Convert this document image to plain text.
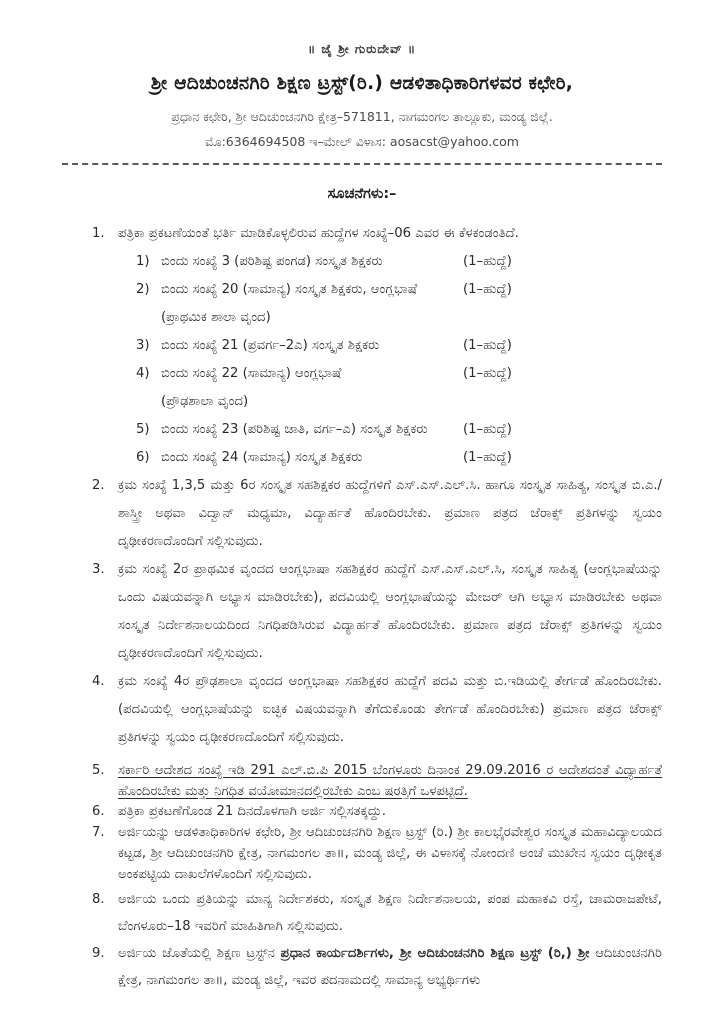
॥ ಜೈ ಶ್ರೀ ಗುರುದೇವ್ ॥
ಶ್ರೀ ಆದಿಚುಂಚನಗಿರಿ ಶಿಕ್ಷಣ ಟ್ರಸ್ಟ್(ರಿ.) ಆಡಳಿತಾಧಿಕಾರಿಗಳವರ ಕಛೇರಿ,
ಪ್ರಧಾನ ಕಛೇರಿ, ಶ್ರೀ ಆದಿಚುಂಚನಗಿರಿ ಕ್ಷೇತ್ರ–571811, ನಾಗಮಂಗಲ ತಾಲ್ಲೂಕು, ಮಂಡ್ಯ ಜಿಲ್ಲೆ.
ಮೊ:6364694508 ಇ–ಮೇಲ್ ವಿಳಾಸ: aosacst@yahoo.com
ಸೂಚನೆಗಳು:–
1.	ಪತ್ರಿಕಾ ಪ್ರಕಟಣೆಯಂತೆ ಭರ್ತಿ ಮಾಡಿಕೊಳ್ಳಲಿರುವ ಹುದ್ದೆಗಳ ಸಂಖ್ಯೆ–06 ಎವರ ಈ ಕೆಳಕಂಡಂತಿದೆ.
1) ಬಿಂದು ಸಂಖ್ಯೆ 3 (ಪರಿಶಿಷ್ಟ ಪಂಗಡ) ಸಂಸ್ಕೃತ ಶಿಕ್ಷಕರು	(1–ಹುದ್ದೆ)
2) ಬಿಂದು ಸಂಖ್ಯೆ 20 (ಸಾಮಾನ್ಯ) ಸಂಸ್ಕೃತ ಶಿಕ್ಷಕರು, ಆಂಗ್ಲಭಾಷೆ	(1–ಹುದ್ದೆ)
(ಪ್ರಾಥಮಿಕ ಶಾಲಾ ವೃಂದ)
3) ಬಿಂದು ಸಂಖ್ಯೆ 21 (ಪ್ರವರ್ಗ–2ಎ) ಸಂಸ್ಕೃತ ಶಿಕ್ಷಕರು	(1–ಹುದ್ದೆ)
4) ಬಿಂದು ಸಂಖ್ಯೆ 22 (ಸಾಮಾನ್ಯ) ಆಂಗ್ಲಭಾಷೆ	(1–ಹುದ್ದೆ)
(ಪ್ರೌಢಶಾಲಾ ವೃಂದ)
5) ಬಿಂದು ಸಂಖ್ಯೆ 23 (ಪರಿಶಿಷ್ಟ ಜಾತಿ, ವರ್ಗ–ಎ) ಸಂಸ್ಕೃತ ಶಿಕ್ಷಕರು	(1–ಹುದ್ದೆ)
6) ಬಿಂದು ಸಂಖ್ಯೆ 24 (ಸಾಮಾನ್ಯ) ಸಂಸ್ಕೃತ ಶಿಕ್ಷಕರು	(1–ಹುದ್ದೆ)
2.	ಕ್ರಮ ಸಂಖ್ಯೆ 1,3,5 ಮತ್ತು 6ರ ಸಂಸ್ಕೃತ ಸಹಶಿಕ್ಷಕರ ಹುದ್ದೆಗಳಿಗೆ ಎಸ್.ಎಸ್.ಎಲ್.ಸಿ. ಹಾಗೂ ಸಂಸ್ಕೃತ ಸಾಹಿತ್ಯ, ಸಂಸ್ಕೃತ ಬಿ.ಎ./ಶಾಸ್ತ್ರೀ ಅಥವಾ ವಿದ್ವಾನ್ ಮಧ್ಯಮಾ, ವಿದ್ಯಾರ್ಹತೆ ಹೊಂದಿರಬೇಕು. ಪ್ರಮಾಣ ಪತ್ರದ ಜೆರಾಕ್ಸ್ ಪ್ರತಿಗಳನ್ನು ಸ್ವಯಂ ದೃಢೀಕರಣದೊಂದಿಗೆ ಸಲ್ಲಿಸುವುದು.
3.	ಕ್ರಮ ಸಂಖ್ಯೆ 2ರ ಪ್ರಾಥಮಿಕ ವೃಂದದ ಆಂಗ್ಲಭಾಷಾ ಸಹಶಿಕ್ಷಕರ ಹುದ್ದೆಗೆ ಎಸ್.ಎಸ್.ಎಲ್.ಸಿ, ಸಂಸ್ಕೃತ ಸಾಹಿತ್ಯ (ಆಂಗ್ಲಭಾಷೆಯನ್ನು ಒಂದು ವಿಷಯವನ್ನಾಗಿ ಅಭ್ಯಾಸ ಮಾಡಿರಬೇಕು), ಪದವಿಯಲ್ಲಿ ಆಂಗ್ಲಭಾಷೆಯನ್ನು ಮೇಜರ್ ಆಗಿ ಅಭ್ಯಾಸ ಮಾಡಿರಬೇಕು ಅಥವಾ ಸಂಸ್ಕೃತ ನಿರ್ದೇಶನಾಲಯದಿಂದ ನಿಗಧಿಪಡಿಸಿರುವ ವಿದ್ಯಾರ್ಹತೆ ಹೊಂದಿರಬೇಕು. ಪ್ರಮಾಣ ಪತ್ರದ ಜೆರಾಕ್ಸ್ ಪ್ರತಿಗಳನ್ನು ಸ್ವಯಂ ದೃಢೀಕರಣದೊಂದಿಗೆ ಸಲ್ಲಿಸುವುದು.
4.	ಕ್ರಮ ಸಂಖ್ಯೆ 4ರ ಪ್ರೌಢಶಾಲಾ ವೃಂದದ ಆಂಗ್ಲಭಾಷಾ ಸಹಶಿಕ್ಷಕರ ಹುದ್ದೆಗೆ ಪದವಿ ಮತ್ತು ಬಿ.ಇಡಿಯಲ್ಲಿ ತೇರ್ಗಡೆ ಹೊಂದಿರಬೇಕು. (ಪದವಿಯಲ್ಲಿ ಆಂಗ್ಲಭಾಷೆಯನ್ನು ಐಚ್ಛಿಕ ವಿಷಯವನ್ನಾಗಿ ತೆಗೆದುಕೊಂಡು ತೇರ್ಗಡೆ ಹೊಂದಿರಬೇಕು) ಪ್ರಮಾಣ ಪತ್ರದ ಜೆರಾಕ್ಸ್ ಪ್ರತಿಗಳನ್ನು ಸ್ವಯಂ ದೃಢೀಕರಣದೊಂದಿಗೆ ಸಲ್ಲಿಸುವುದು.
5.	ಸರ್ಕಾರಿ ಆದೇಶದ ಸಂಖ್ಯೆ ಇಡಿ 291 ಎಲ್.ಬಿ.ಪಿ 2015 ಬೆಂಗಳೂರು ದಿನಾಂಕ 29.09.2016 ರ ಆದೇಶದಂತೆ ವಿದ್ಯಾರ್ಹತೆ ಹೊಂದಿರಬೇಕು ಮತ್ತು ನಿಗಧಿತ ವಯೋಮಾನದಲ್ಲಿರಬೇಕು ಎಂಬ ಷರತ್ತಿಗೆ ಒಳಪಟ್ಟಿದೆ.
6.	ಪತ್ರಿಕಾ ಪ್ರಕಟಣೆಗೊಂಡ 21 ದಿನದೊಳಗಾಗಿ ಅರ್ಜಿ ಸಲ್ಲಿಸತಕ್ಕದ್ದು.
7.	ಅರ್ಜಿಯನ್ನು ಆಡಳಿತಾಧಿಕಾರಿಗಳ ಕಛೇರಿ, ಶ್ರೀ ಆದಿಚುಂಚನಗಿರಿ ಶಿಕ್ಷಣ ಟ್ರಸ್ಟ್ (ರಿ.) ಶ್ರೀ ಕಾಲಭೈರವೇಶ್ವರ ಸಂಸ್ಕೃತ ಮಹಾವಿದ್ಯಾಲಯದ ಕಟ್ಟಡ, ಶ್ರೀ ಆದಿಚುಂಚನಗಿರಿ ಕ್ಷೇತ್ರ, ನಾಗಮಂಗಲ ತಾ॥, ಮಂಡ್ಯ ಜಿಲ್ಲೆ, ಈ ವಿಳಾಸಕ್ಕೆ ನೋಂದಣಿ ಅಂಚೆ ಮುಖೇನ ಸ್ವಯಂ ದೃಢೀಕೃತ ಅಂಕಪಟ್ಟಿಯ ದಾಖಲೆಗಳೊಂದಿಗೆ ಸಲ್ಲಿಸುವುದು.
8.	ಅರ್ಜಿಯ ಒಂದು ಪ್ರತಿಯನ್ನು ಮಾನ್ಯ ನಿರ್ದೇಶಕರು, ಸಂಸ್ಕೃತ ಶಿಕ್ಷಣ ನಿರ್ದೇಶನಾಲಯ, ಪಂಪ ಮಹಾಕವಿ ರಸ್ತೆ, ಚಾಮರಾಜಪೇಟೆ, ಬೆಂಗಳೂರು–18 ಇವರಿಗೆ ಮಾಹಿತಿಗಾಗಿ ಸಲ್ಲಿಸುವುದು.
9.	ಅರ್ಜಿಯ ಜೊತೆಯಲ್ಲಿ ಶಿಕ್ಷಣ ಟ್ರಸ್ಟ್‌ನ ಪ್ರಧಾನ ಕಾರ್ಯದರ್ಶಿಗಳು, ಶ್ರೀ ಆದಿಚುಂಚನಗಿರಿ ಶಿಕ್ಷಣ ಟ್ರಸ್ಟ್ (ರಿ,) ಶ್ರೀ ಆದಿಚುಂಚನಗಿರಿ ಕ್ಷೇತ್ರ, ನಾಗಮಂಗಲ ತಾ॥, ಮಂಡ್ಯ ಜಿಲ್ಲೆ, ಇವರ ಪದನಾಮದಲ್ಲಿ ಸಾಮಾನ್ಯ ಅಭ್ಯರ್ಥಿಗಳು
